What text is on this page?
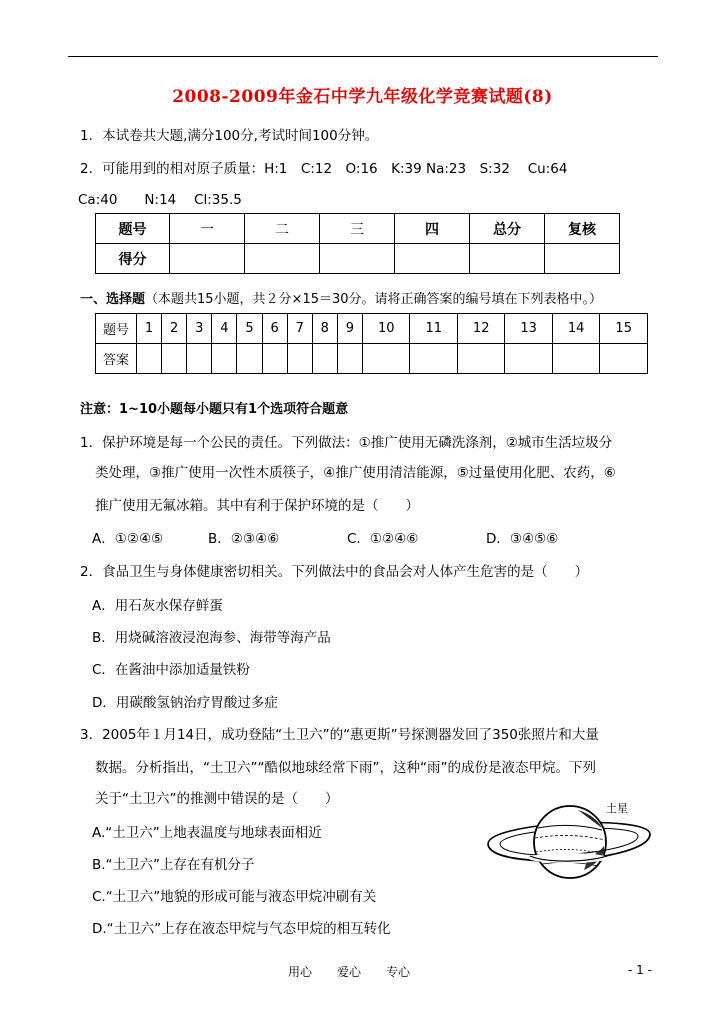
2008-2009年金石中学九年级化学竞赛试题(8)
1．本试卷共大题,满分100分,考试时间100分钟。
2．可能用到的相对原子质量：H:1　C:12　O:16　K:39 Na:23　S:32　 Cu:64
Ca:40　　N:14　 Cl:35.5
题号	一	二	三	四	总分	复核
得分						
一、选择题（本题共15小题，共２分×15＝30分。请将正确答案的编号填在下列表格中。）
题号	1	2	3	4	5	6	7	8	9	10	11	12	13	14	15
答案															
注意：1~10小题每小题只有1个选项符合题意
1．保护环境是每一个公民的责任。下列做法：①推广使用无磷洗涤剂，②城市生活垃圾分
类处理，③推广使用一次性木质筷子，④推广使用清洁能源，⑤过量使用化肥、农药，⑥
推广使用无氟冰箱。其中有利于保护环境的是（　　）
A．①②④⑤	B．②③④⑥	C．①②④⑥	D．③④⑤⑥
2．食品卫生与身体健康密切相关。下列做法中的食品会对人体产生危害的是（　　）
A．用石灰水保存鲜蛋
B．用烧碱溶液浸泡海参、海带等海产品
C．在酱油中添加适量铁粉
D．用碳酸氢钠治疗胃酸过多症
3．2005年１月14日，成功登陆“土卫六”的“惠更斯”号探测器发回了350张照片和大量
数据。分析指出，“土卫六”“酷似地球经常下雨”，这种“雨”的成份是液态甲烷。下列
关于“土卫六”的推测中错误的是（　　）
A.“土卫六”上地表温度与地球表面相近
B.“土卫六”上存在有机分子
C.“土卫六”地貌的形成可能与液态甲烷冲刷有关
D.“土卫六”上存在液态甲烷与气态甲烷的相互转化
土星
用心 爱心 专心	- 1 -
